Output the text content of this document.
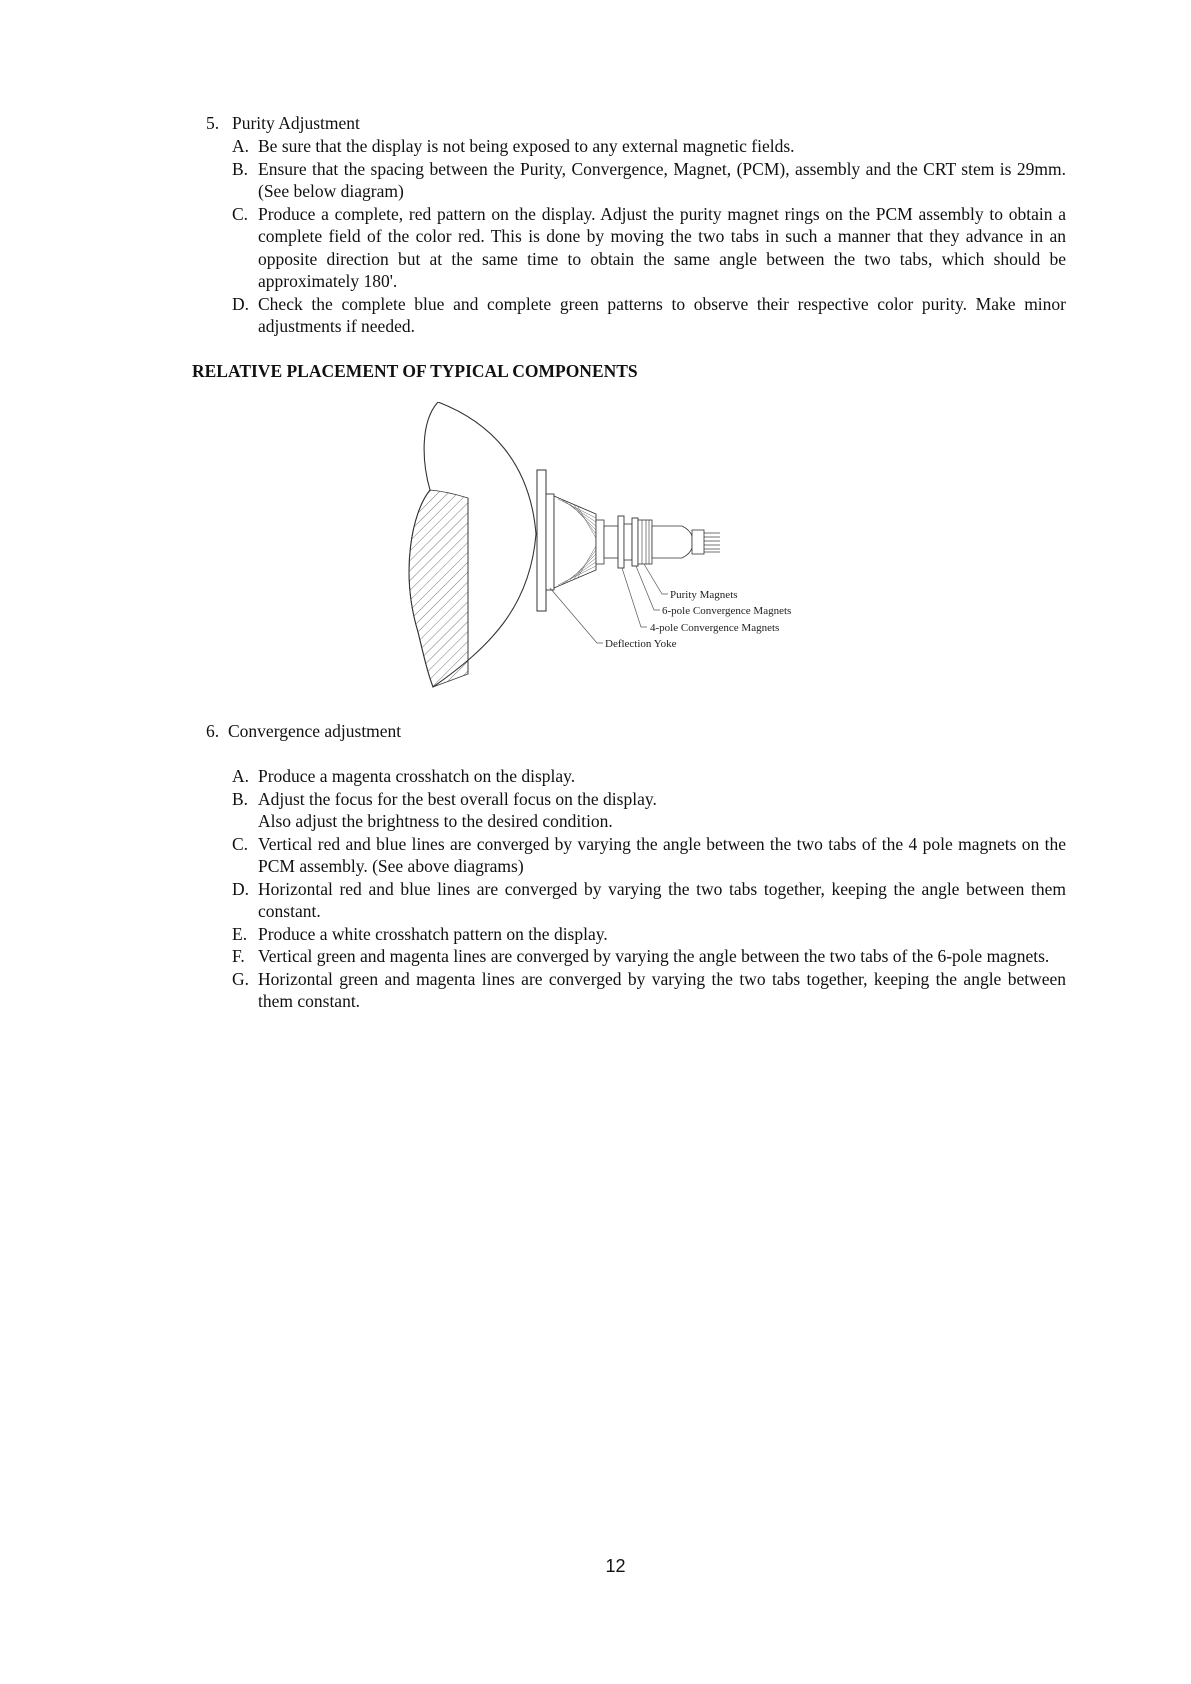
5. Purity Adjustment
A. Be sure that the display is not being exposed to any external magnetic fields.
B. Ensure that the spacing between the Purity, Convergence, Magnet, (PCM), assembly and the CRT stem is 29mm. (See below diagram)
C. Produce a complete, red pattern on the display. Adjust the purity magnet rings on the PCM assembly to obtain a complete field of the color red. This is done by moving the two tabs in such a manner that they advance in an opposite direction but at the same time to obtain the same angle between the two tabs, which should be approximately 180'.
D. Check the complete blue and complete green patterns to observe their respective color purity. Make minor adjustments if needed.
RELATIVE PLACEMENT OF TYPICAL COMPONENTS
Purity Magnets
6-pole Convergence Magnets
4-pole Convergence Magnets
Deflection Yoke
6. Convergence adjustment
A. Produce a magenta crosshatch on the display.
B. Adjust the focus for the best overall focus on the display.
Also adjust the brightness to the desired condition.
C. Vertical red and blue lines are converged by varying the angle between the two tabs of the 4 pole magnets on the PCM assembly. (See above diagrams)
D. Horizontal red and blue lines are converged by varying the two tabs together, keeping the angle between them constant.
E. Produce a white crosshatch pattern on the display.
F. Vertical green and magenta lines are converged by varying the angle between the two tabs of the 6-pole magnets.
G. Horizontal green and magenta lines are converged by varying the two tabs together, keeping the angle between them constant.
12
